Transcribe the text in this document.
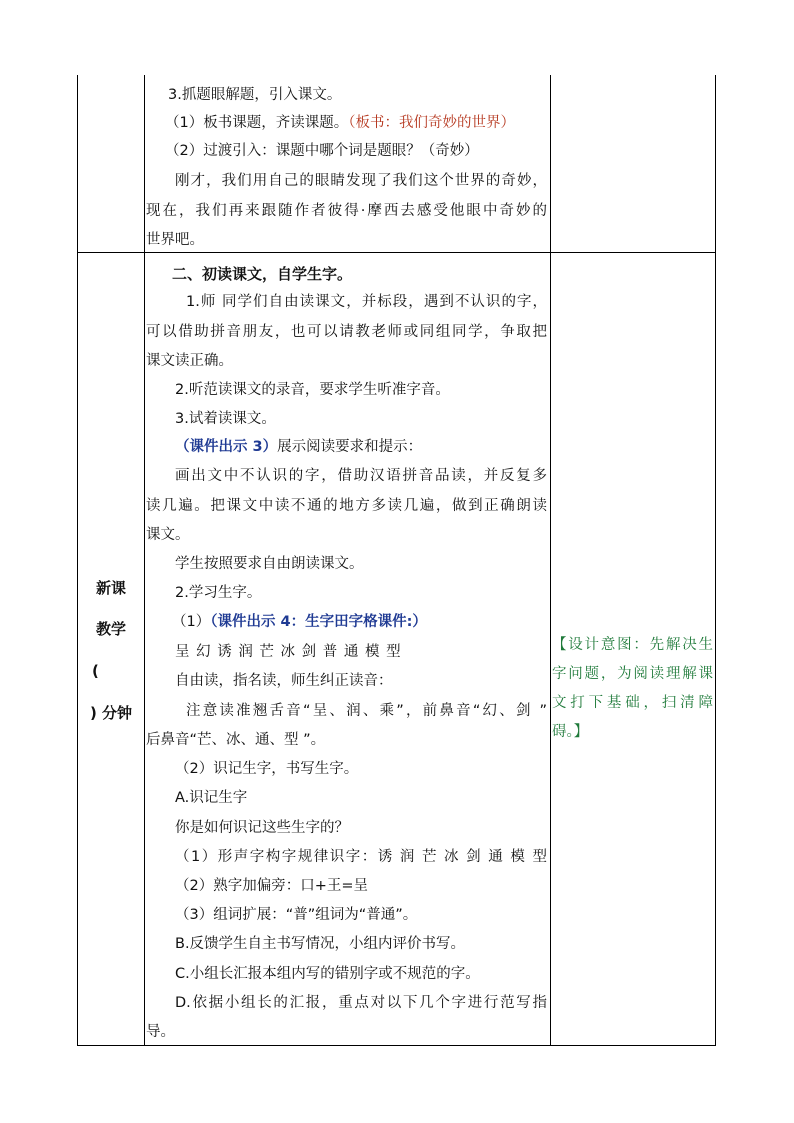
3.抓题眼解题，引入课文。
（1）板书课题，齐读课题。（板书：我们奇妙的世界）
（2）过渡引入：课题中哪个词是题眼？（奇妙）
刚才，我们用自己的眼睛发现了我们这个世界的奇妙，
现在，我们再来跟随作者彼得·摩西去感受他眼中奇妙的
世界吧。
新课
教学
(
) 分钟
二、初读课文，自学生字。
1.师 同学们自由读课文，并标段，遇到不认识的字，
可以借助拼音朋友，也可以请教老师或同组同学，争取把
课文读正确。
2.听范读课文的录音，要求学生听准字音。
3.试着读课文。
（课件出示 3）展示阅读要求和提示：
画出文中不认识的字，借助汉语拼音品读，并反复多
读几遍。把课文中读不通的地方多读几遍，做到正确朗读
课文。
学生按照要求自由朗读课文。
2.学习生字。
（1）（课件出示 4：生字田字格课件:）
呈 幻 诱 润 芒 冰 剑 普 通 模 型
自由读，指名读，师生纠正读音：
注意读准翘舌音“呈、润、乘”，前鼻音“幻、剑 ”
后鼻音“芒、冰、通、型 ”。
（2）识记生字，书写生字。
A.识记生字
你是如何识记这些生字的？
（1）形声字构字规律识字：诱 润 芒 冰 剑 通 模 型
（2）熟字加偏旁：口+王=呈
（3）组词扩展：“普”组词为“普通”。
B.反馈学生自主书写情况，小组内评价书写。
C.小组长汇报本组内写的错别字或不规范的字。
D.依据小组长的汇报，重点对以下几个字进行范写指
导。
【设计意图：先解决生
字问题，为阅读理解课
文打下基础，扫清障
碍。】
